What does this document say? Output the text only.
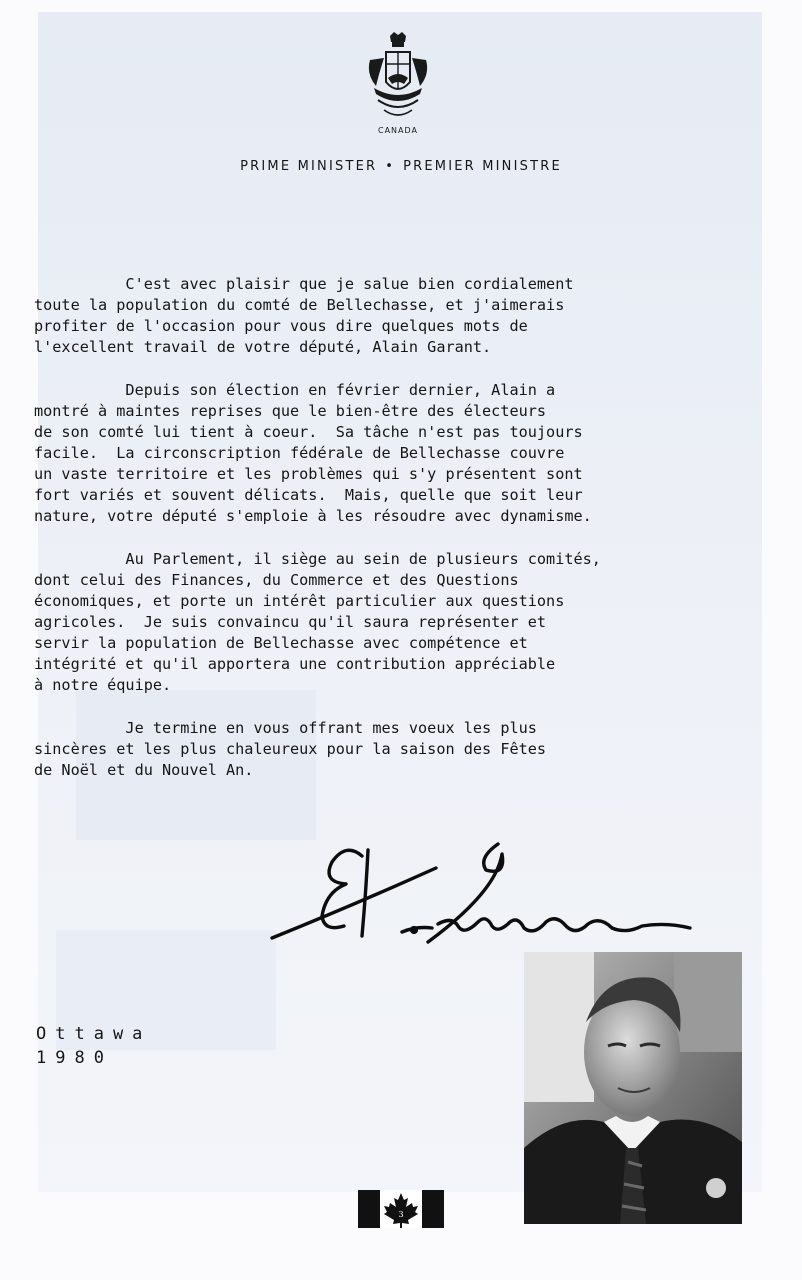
CANADA
PRIME MINISTER • PREMIER MINISTRE

C'est avec plaisir que je salue bien cordialement
toute la population du comté de Bellechasse, et j'aimerais
profiter de l'occasion pour vous dire quelques mots de
l'excellent travail de votre député, Alain Garant.

Depuis son élection en février dernier, Alain a
montré à maintes reprises que le bien-être des électeurs
de son comté lui tient à coeur.  Sa tâche n'est pas toujours
facile.  La circonscription fédérale de Bellechasse couvre
un vaste territoire et les problèmes qui s'y présentent sont
fort variés et souvent délicats.  Mais, quelle que soit leur
nature, votre député s'emploie à les résoudre avec dynamisme.

Au Parlement, il siège au sein de plusieurs comités,
dont celui des Finances, du Commerce et des Questions
économiques, et porte un intérêt particulier aux questions
agricoles.  Je suis convaincu qu'il saura représenter et
servir la population de Bellechasse avec compétence et
intégrité et qu'il apportera une contribution appréciable
à notre équipe.

Je termine en vous offrant mes voeux les plus
sincères et les plus chaleureux pour la saison des Fêtes
de Noël et du Nouvel An.

Ottawa
1980
3
